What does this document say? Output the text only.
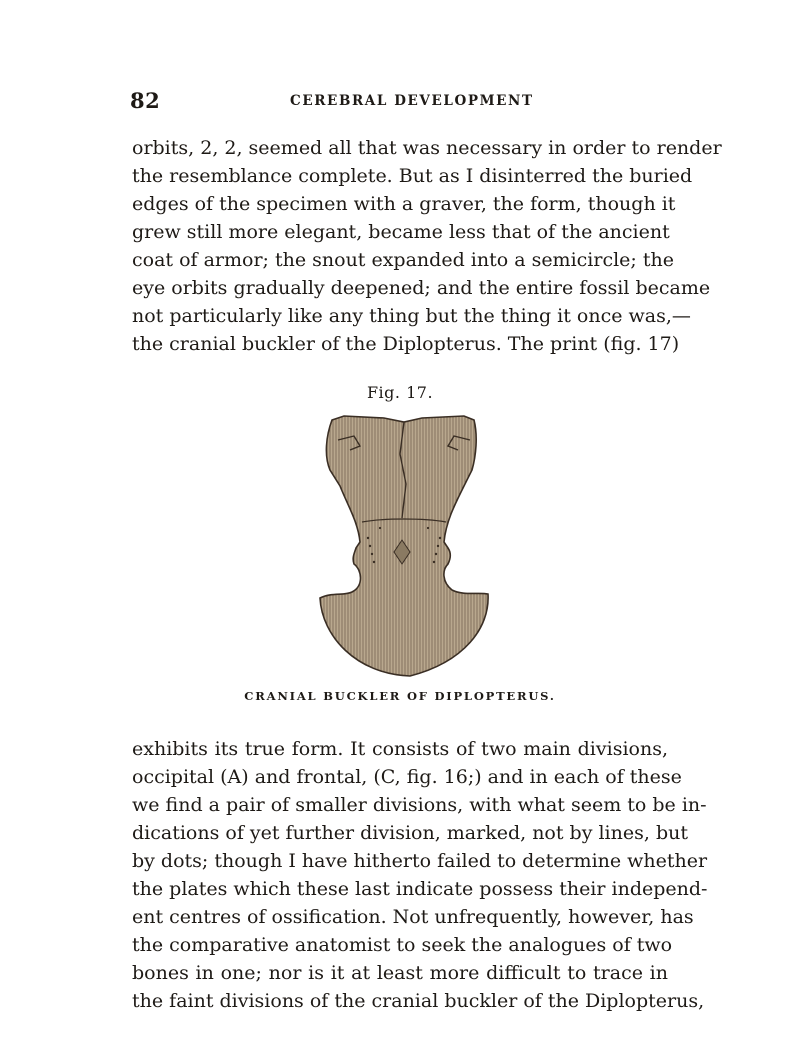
82	CEREBRAL DEVELOPMENT
orbits, 2, 2, seemed all that was necessary in order to render
the resemblance complete. But as I disinterred the buried
edges of the specimen with a graver, the form, though it
grew still more elegant, became less that of the ancient
coat of armor; the snout expanded into a semicircle; the
eye orbits gradually deepened; and the entire fossil became
not particularly like any thing but the thing it once was,—
the cranial buckler of the Diplopterus. The print (fig. 17)
Fig. 17.
CRANIAL BUCKLER OF DIPLOPTERUS.
exhibits its true form. It consists of two main divisions,
occipital (A) and frontal, (C, fig. 16;) and in each of these
we find a pair of smaller divisions, with what seem to be in-
dications of yet further division, marked, not by lines, but
by dots; though I have hitherto failed to determine whether
the plates which these last indicate possess their independ-
ent centres of ossification. Not unfrequently, however, has
the comparative anatomist to seek the analogues of two
bones in one; nor is it at least more difficult to trace in
the faint divisions of the cranial buckler of the Diplopterus,
